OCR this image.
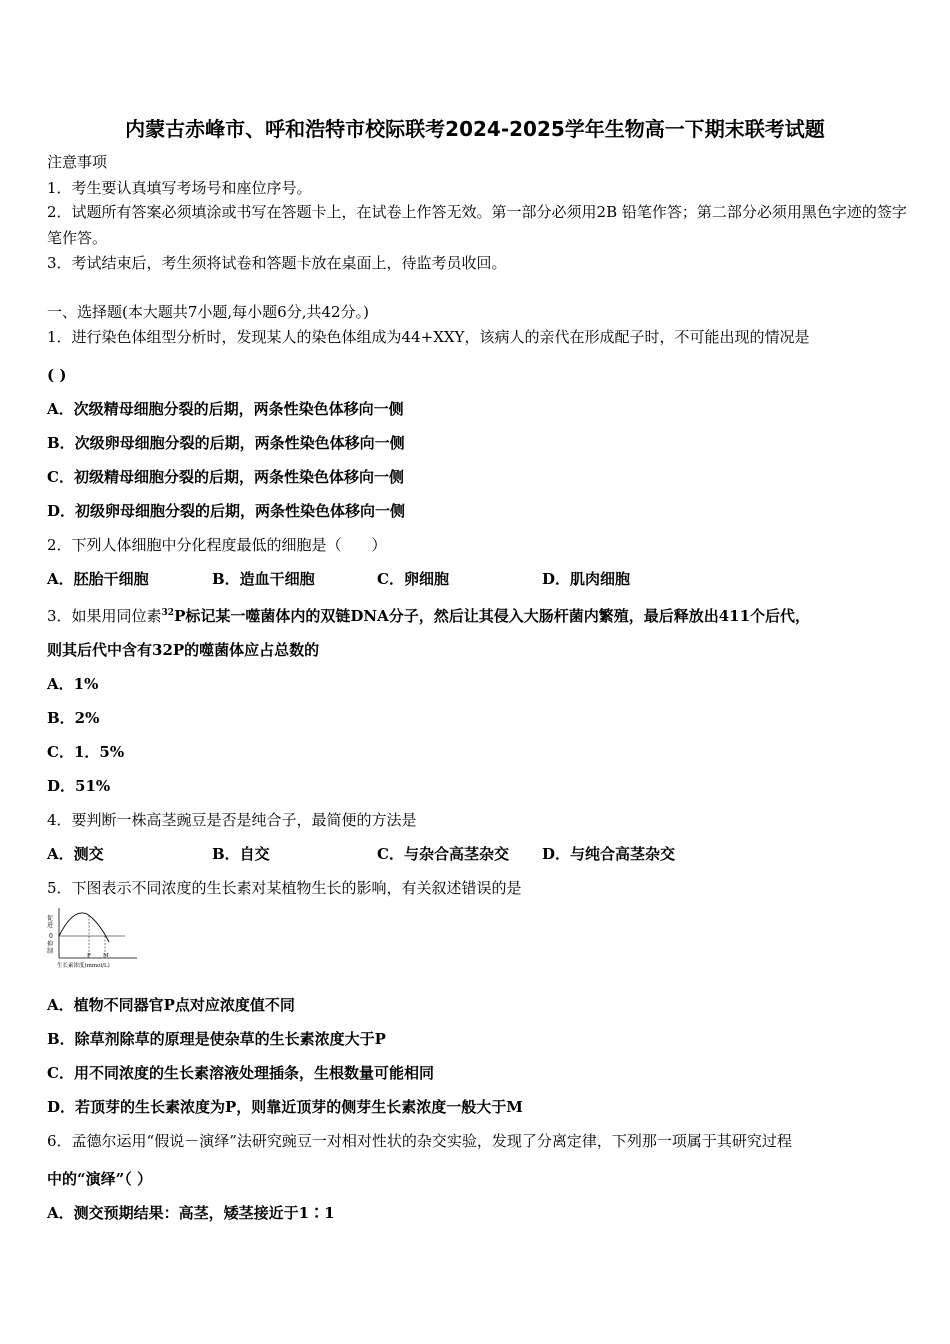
内蒙古赤峰市、呼和浩特市校际联考2024-2025学年生物高一下期末联考试题
注意事项
1．考生要认真填写考场号和座位序号。
2．试题所有答案必须填涂或书写在答题卡上，在试卷上作答无效。第一部分必须用2B 铅笔作答；第二部分必须用黑色字迹的签字笔作答。
3．考试结束后，考生须将试卷和答题卡放在桌面上，待监考员收回。
一、选择题(本大题共7小题,每小题6分,共42分。)
1．进行染色体组型分析时，发现某人的染色体组成为44+XXY，该病人的亲代在形成配子时，不可能出现的情况是
( )
A．次级精母细胞分裂的后期，两条性染色体移向一侧
B．次级卵母细胞分裂的后期，两条性染色体移向一侧
C．初级精母细胞分裂的后期，两条性染色体移向一侧
D．初级卵母细胞分裂的后期，两条性染色体移向一侧
2．下列人体细胞中分化程度最低的细胞是（　　）
A．胚胎干细胞	B．造血干细胞	C．卵细胞	D．肌肉细胞
3．如果用同位素$^{32}$P标记某一噬菌体内的双链DNA分子，然后让其侵入大肠杆菌内繁殖，最后释放出411个后代，
则其后代中含有32P的噬菌体应占总数的
A．1%
B．2%
C．1．5%
D．51%
4．要判断一株高茎豌豆是否是纯合子，最简便的方法是
A．测交	B．自交	C．与杂合高茎杂交 D．与纯合高茎杂交
5．下图表示不同浓度的生长素对某植物生长的影响，有关叙述错误的是
促
进
0
抑
制
P M
生长素浓度(mmol/L)
A．植物不同器官P点对应浓度值不同
B．除草剂除草的原理是使杂草的生长素浓度大于P
C．用不同浓度的生长素溶液处理插条，生根数量可能相同
D．若顶芽的生长素浓度为P，则靠近顶芽的侧芽生长素浓度一般大于M
6．孟德尔运用“假说－演绎”法研究豌豆一对相对性状的杂交实验，发现了分离定律，下列那一项属于其研究过程
中的“演绎”（ ）
A．测交预期结果：高茎，矮茎接近于1∶1
